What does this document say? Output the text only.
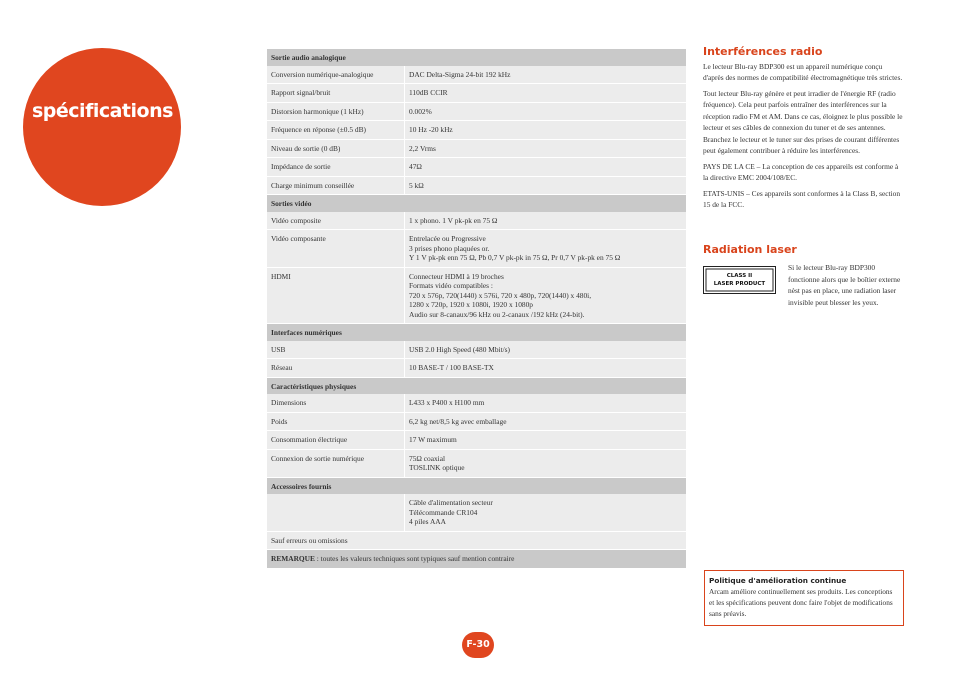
spécifications
Sortie audio analogique	
Conversion numérique-analogique	DAC Delta-Sigma 24-bit 192 kHz

Rapport signal/bruit	110dB CCIR

Distorsion harmonique (1 kHz)	0.002%

Fréquence en réponse (±0.5 dB)	10 Hz -20 kHz

Niveau de sortie (0 dB)	2,2 Vrms

Impédance de sortie	47Ω

Charge minimum conseillée	5 kΩ

Sorties vidéo	
Vidéo composite	1 x phono. 1 V pk-pk en 75 Ω

Vidéo composante	Entrelacée ou Progressive
3 prises phono plaquées or.
Y 1 V pk-pk enn 75 Ω, Pb 0,7 V pk-pk in 75 Ω, Pr 0,7 V pk-pk en 75 Ω

HDMI	Connecteur HDMI à 19 broches
Formats vidéo compatibles :
720 x 576p, 720(1440) x 576i, 720 x 480p, 720(1440) x 480i,
1280 x 720p, 1920 x 1080i, 1920 x 1080p
Audio sur 8-canaux/96 kHz ou 2-canaux /192 kHz (24-bit).

Interfaces numériques	
USB	USB 2.0 High Speed (480 Mbit/s)

Réseau	10 BASE-T / 100 BASE-TX

Caractéristiques physiques	
Dimensions	L433 x P400 x H100 mm

Poids	6,2 kg net/8,5 kg avec emballage

Consommation électrique	17 W maximum

Connexion de sortie numérique	75Ω coaxial
TOSLINK optique

Accessoires fournis	

	Câble d'alimentation secteur
Télécommande CR104
4 piles AAA

Sauf erreurs ou omissions	
REMARQUE : toutes les valeurs techniques sont typiques sauf mention contraire	
Interférences radio

Le lecteur Blu-ray BDP300 est un appareil numérique conçu d'après des normes de compatibilité électromagnétique très strictes.

Tout lecteur Blu-ray génère et peut irradier de l'énergie RF (radio fréquence). Cela peut parfois entraîner des interférences sur la réception radio FM et AM. Dans ce cas, éloignez le plus possible le lecteur et ses câbles de connexion du tuner et de ses antennes. Branchez le lecteur et le tuner sur des prises de courant différentes peut également contribuer à réduire les interférences.

PAYS DE LA CE – La conception de ces appareils est conforme à la directive EMC 2004/108/EC.

ETATS-UNIS – Ces appareils sont conformes à la Class B, section 15 de la FCC.

Radiation laser
CLASS II
LASER PRODUCT
Si le lecteur Blu-ray BDP300 fonctionne alors que le boîtier externe nèst pas en place, une radiation laser invisible peut blesser les yeux.
Politique d'amélioration continue
Arcam améliore continuellement ses produits. Les conceptions et les spécifications peuvent donc faire l'objet de modifications sans préavis.
F-30
